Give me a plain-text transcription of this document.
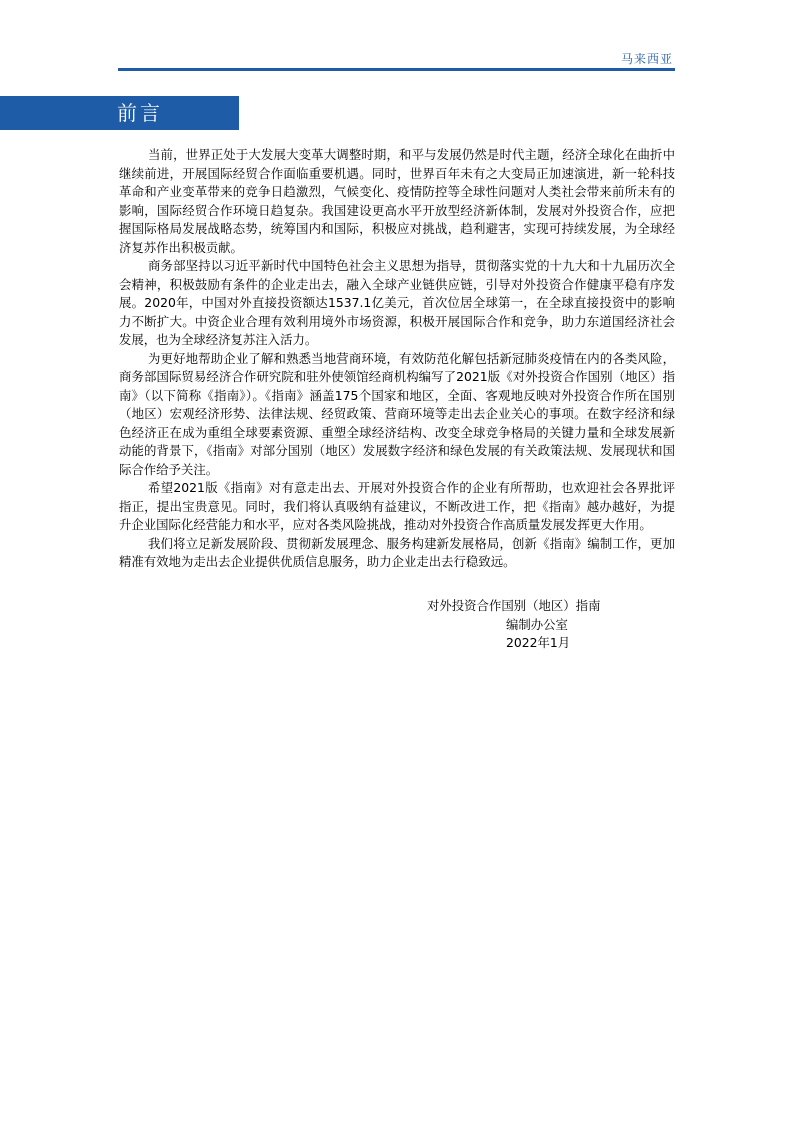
马来西亚
前言

当前，世界正处于大发展大变革大调整时期，和平与发展仍然是时代主题，经济全球化在曲折中继续前进，开展国际经贸合作面临重要机遇。同时，世界百年未有之大变局正加速演进，新一轮科技革命和产业变革带来的竞争日趋激烈，气候变化、疫情防控等全球性问题对人类社会带来前所未有的影响，国际经贸合作环境日趋复杂。我国建设更高水平开放型经济新体制，发展对外投资合作，应把握国际格局发展战略态势，统筹国内和国际，积极应对挑战，趋利避害，实现可持续发展，为全球经济复苏作出积极贡献。

商务部坚持以习近平新时代中国特色社会主义思想为指导，贯彻落实党的十九大和十九届历次全会精神，积极鼓励有条件的企业走出去，融入全球产业链供应链，引导对外投资合作健康平稳有序发展。2020年，中国对外直接投资额达1537.1亿美元，首次位居全球第一，在全球直接投资中的影响力不断扩大。中资企业合理有效利用境外市场资源，积极开展国际合作和竞争，助力东道国经济社会发展，也为全球经济复苏注入活力。

为更好地帮助企业了解和熟悉当地营商环境，有效防范化解包括新冠肺炎疫情在内的各类风险，商务部国际贸易经济合作研究院和驻外使领馆经商机构编写了2021版《对外投资合作国别（地区）指南》（以下简称《指南》）。《指南》涵盖175个国家和地区，全面、客观地反映对外投资合作所在国别（地区）宏观经济形势、法律法规、经贸政策、营商环境等走出去企业关心的事项。在数字经济和绿色经济正在成为重组全球要素资源、重塑全球经济结构、改变全球竞争格局的关键力量和全球发展新动能的背景下，《指南》对部分国别（地区）发展数字经济和绿色发展的有关政策法规、发展现状和国际合作给予关注。

希望2021版《指南》对有意走出去、开展对外投资合作的企业有所帮助，也欢迎社会各界批评指正，提出宝贵意见。同时，我们将认真吸纳有益建议，不断改进工作，把《指南》越办越好，为提升企业国际化经营能力和水平，应对各类风险挑战，推动对外投资合作高质量发展发挥更大作用。

我们将立足新发展阶段、贯彻新发展理念、服务构建新发展格局，创新《指南》编制工作，更加精准有效地为走出去企业提供优质信息服务，助力企业走出去行稳致远。

对外投资合作国别（地区）指南
编制办公室
2022年1月
